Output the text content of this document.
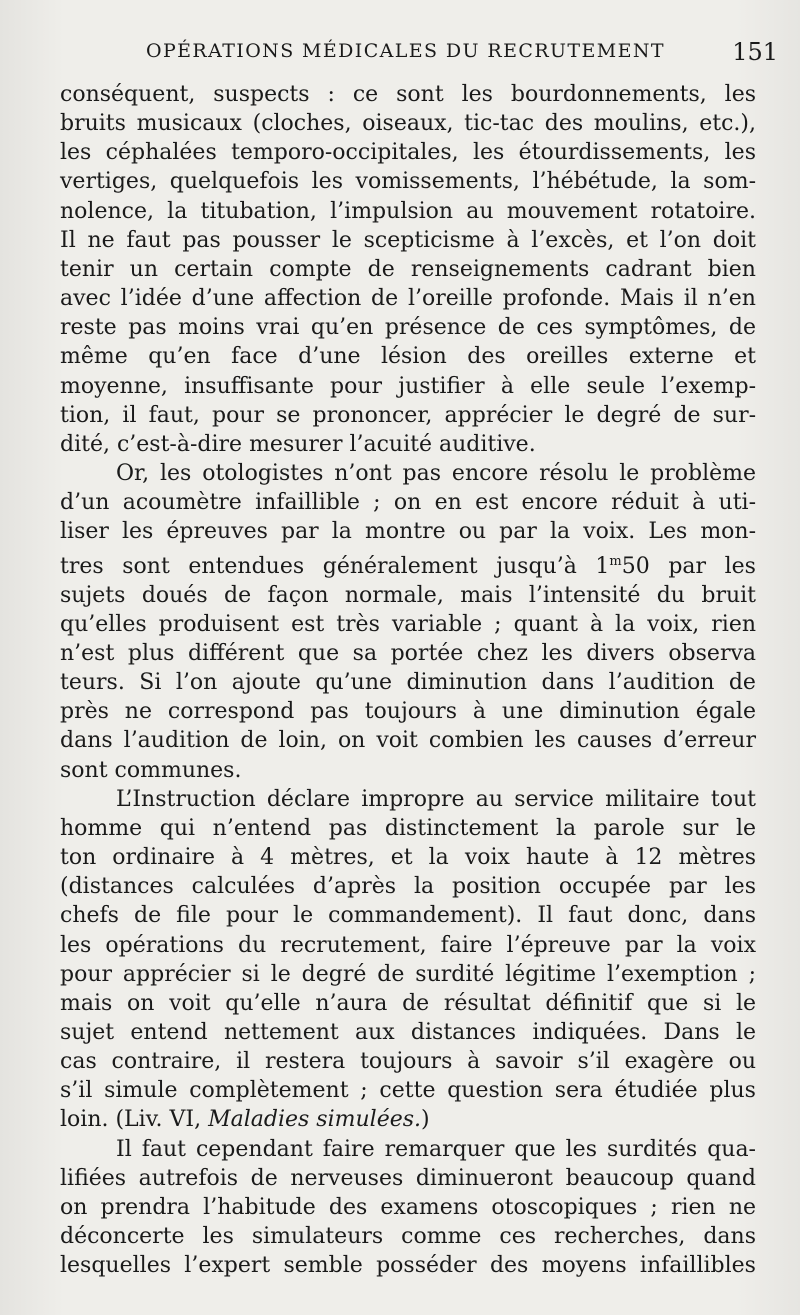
OPÉRATIONS MÉDICALES DU RECRUTEMENT	151
conséquent, suspects : ce sont les bourdonnements, les
bruits musicaux (cloches, oiseaux, tic-tac des moulins, etc.),
les céphalées temporo-occipitales, les étourdissements, les
vertiges, quelquefois les vomissements, l’hébétude, la som-
nolence, la titubation, l’impulsion au mouvement rotatoire.
Il ne faut pas pousser le scepticisme à l’excès, et l’on doit
tenir un certain compte de renseignements cadrant bien
avec l’idée d’une affection de l’oreille profonde. Mais il n’en
reste pas moins vrai qu’en présence de ces symptômes, de
même qu’en face d’une lésion des oreilles externe et
moyenne, insuffisante pour justifier à elle seule l’exemp-
tion, il faut, pour se prononcer, apprécier le degré de sur-
dité, c’est-à-dire mesurer l’acuité auditive.
Or, les otologistes n’ont pas encore résolu le problème
d’un acoumètre infaillible ; on en est encore réduit à uti-
liser les épreuves par la montre ou par la voix. Les mon-
tres sont entendues généralement jusqu’à 1$^m$50 par les
sujets doués de façon normale, mais l’intensité du bruit
qu’elles produisent est très variable ; quant à la voix, rien
n’est plus différent que sa portée chez les divers observa
teurs. Si l’on ajoute qu’une diminution dans l’audition de
près ne correspond pas toujours à une diminution égale
dans l’audition de loin, on voit combien les causes d’erreur
sont communes.
L’Instruction déclare impropre au service militaire tout
homme qui n’entend pas distinctement la parole sur le
ton ordinaire à 4 mètres, et la voix haute à 12 mètres
(distances calculées d’après la position occupée par les
chefs de file pour le commandement). Il faut donc, dans
les opérations du recrutement, faire l’épreuve par la voix
pour apprécier si le degré de surdité légitime l’exemption ;
mais on voit qu’elle n’aura de résultat définitif que si le
sujet entend nettement aux distances indiquées. Dans le
cas contraire, il restera toujours à savoir s’il exagère ou
s’il simule complètement ; cette question sera étudiée plus
loin. (Liv. VI, Maladies simulées.)
Il faut cependant faire remarquer que les surdités qua-
lifiées autrefois de nerveuses diminueront beaucoup quand
on prendra l’habitude des examens otoscopiques ; rien ne
déconcerte les simulateurs comme ces recherches, dans
lesquelles l’expert semble posséder des moyens infaillibles
